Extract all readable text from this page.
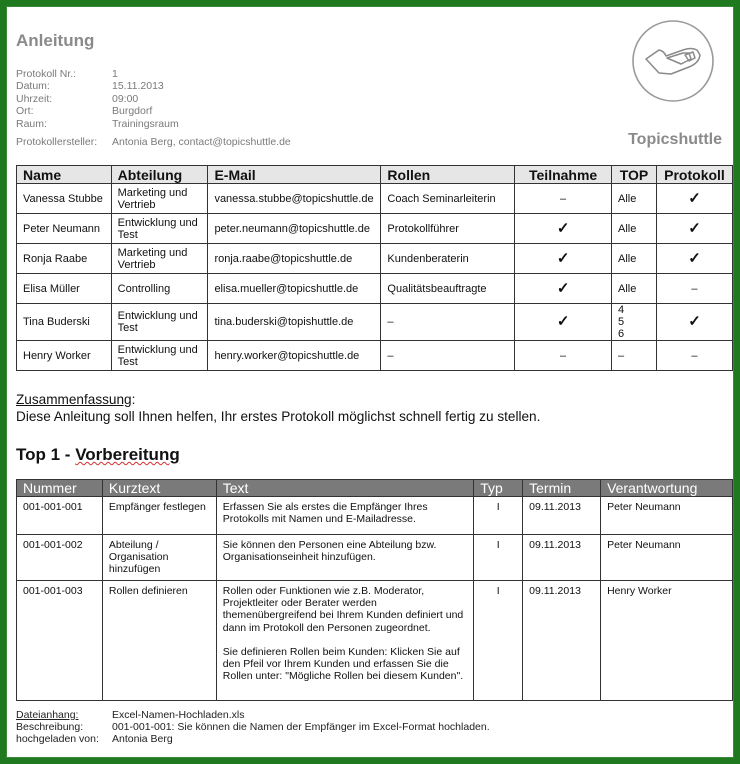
Anleitung
Protokoll Nr.:	1
Datum:	15.11.2013
Uhrzeit:	09:00
Ort:	Burgdorf
Raum:	Trainingsraum
Protokollersteller:	Antonia Berg, contact@topicshuttle.de	Topicshuttle
Name	Abteilung	E-Mail	Rollen	Teilnahme	TOP	Protokoll
Vanessa Stubbe	Marketing und Vertrieb	vanessa.stubbe@topicshuttle.de	Coach Seminarleiterin	–	Alle	✓
Peter Neumann	Entwicklung und Test	peter.neumann@topicshuttle.de	Protokollführer	✓	Alle	✓
Ronja Raabe	Marketing und Vertrieb	ronja.raabe@topicshuttle.de	Kundenberaterin	✓	Alle	✓
Elisa Müller	Controlling	elisa.mueller@topicshuttle.de	Qualitätsbeauftragte	✓	Alle	–
Tina Buderski	Entwicklung und Test	tina.buderski@topishuttle.de	–	✓	4
5
6	✓
Henry Worker	Entwicklung und Test	henry.worker@topicshuttle.de	–	–	–	–
Zusammenfassung:
Diese Anleitung soll Ihnen helfen, Ihr erstes Protokoll möglichst schnell fertig zu stellen.
Top 1 - Vorbereitung
Nummer	Kurztext	Text	Typ	Termin	Verantwortung
001-001-001	Empfänger festlegen	Erfassen Sie als erstes die Empfänger Ihres Protokolls mit Namen und E-Mailadresse.	I	09.11.2013	Peter Neumann
001-001-002	Abteilung / Organisation hinzufügen	Sie können den Personen eine Abteilung bzw. Organisationseinheit hinzufügen.	I	09.11.2013	Peter Neumann
001-001-003	Rollen definieren	Rollen oder Funktionen wie z.B. Moderator, Projektleiter oder Berater werden themenübergreifend bei Ihrem Kunden definiert und dann im Protokoll den Personen zugeordnet.
Sie definieren Rollen beim Kunden: Klicken Sie auf den Pfeil vor Ihrem Kunden und erfassen Sie die Rollen unter: "Mögliche Rollen bei diesem Kunden".	I	09.11.2013	Henry Worker
Dateianhang:	Excel-Namen-Hochladen.xls
Beschreibung:	001-001-001: Sie können die Namen der Empfänger im Excel-Format hochladen.
hochgeladen von:	Antonia Berg
